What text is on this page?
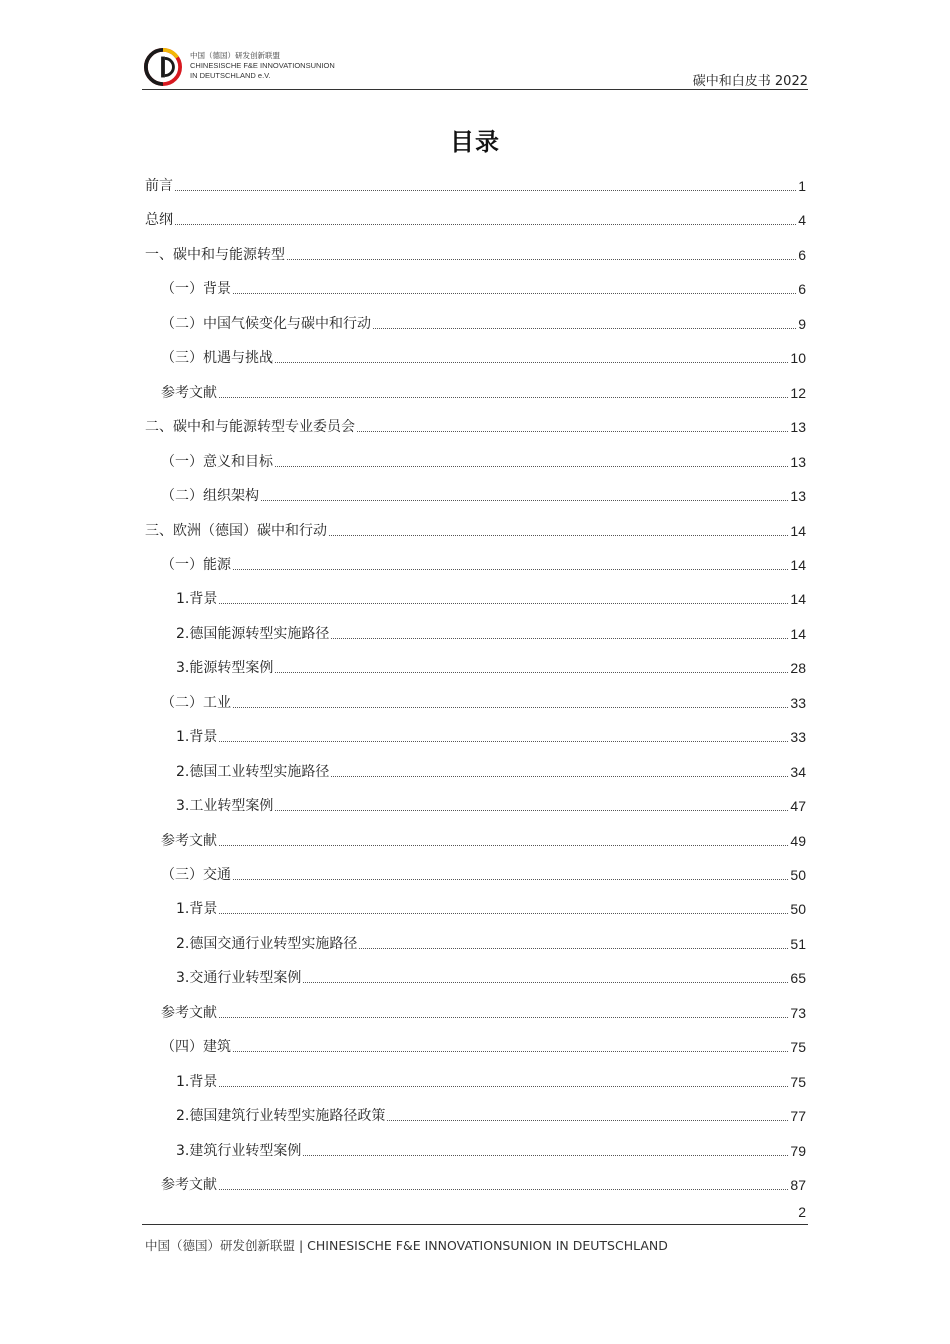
中国（德国）研发创新联盟
CHINESISCHE F&E INNOVATIONSUNION
IN DEUTSCHLAND e.V.	碳中和白皮书 2022
目录
前言	1
总纲	4
一、碳中和与能源转型	6
（一）背景	6
（二）中国气候变化与碳中和行动	9
（三）机遇与挑战	10
参考文献	12
二、碳中和与能源转型专业委员会	13
（一）意义和目标	13
（二）组织架构	13
三、欧洲（德国）碳中和行动	14
（一）能源	14
1.背景	14
2.德国能源转型实施路径	14
3.能源转型案例	28
（二）工业	33
1.背景	33
2.德国工业转型实施路径	34
3.工业转型案例	47
参考文献	49
（三）交通	50
1.背景	50
2.德国交通行业转型实施路径	51
3.交通行业转型案例	65
参考文献	73
（四）建筑	75
1.背景	75
2.德国建筑行业转型实施路径政策	77
3.建筑行业转型案例	79
参考文献	87
2
中国（德国）研发创新联盟 | CHINESISCHE F&E INNOVATIONSUNION IN DEUTSCHLAND
